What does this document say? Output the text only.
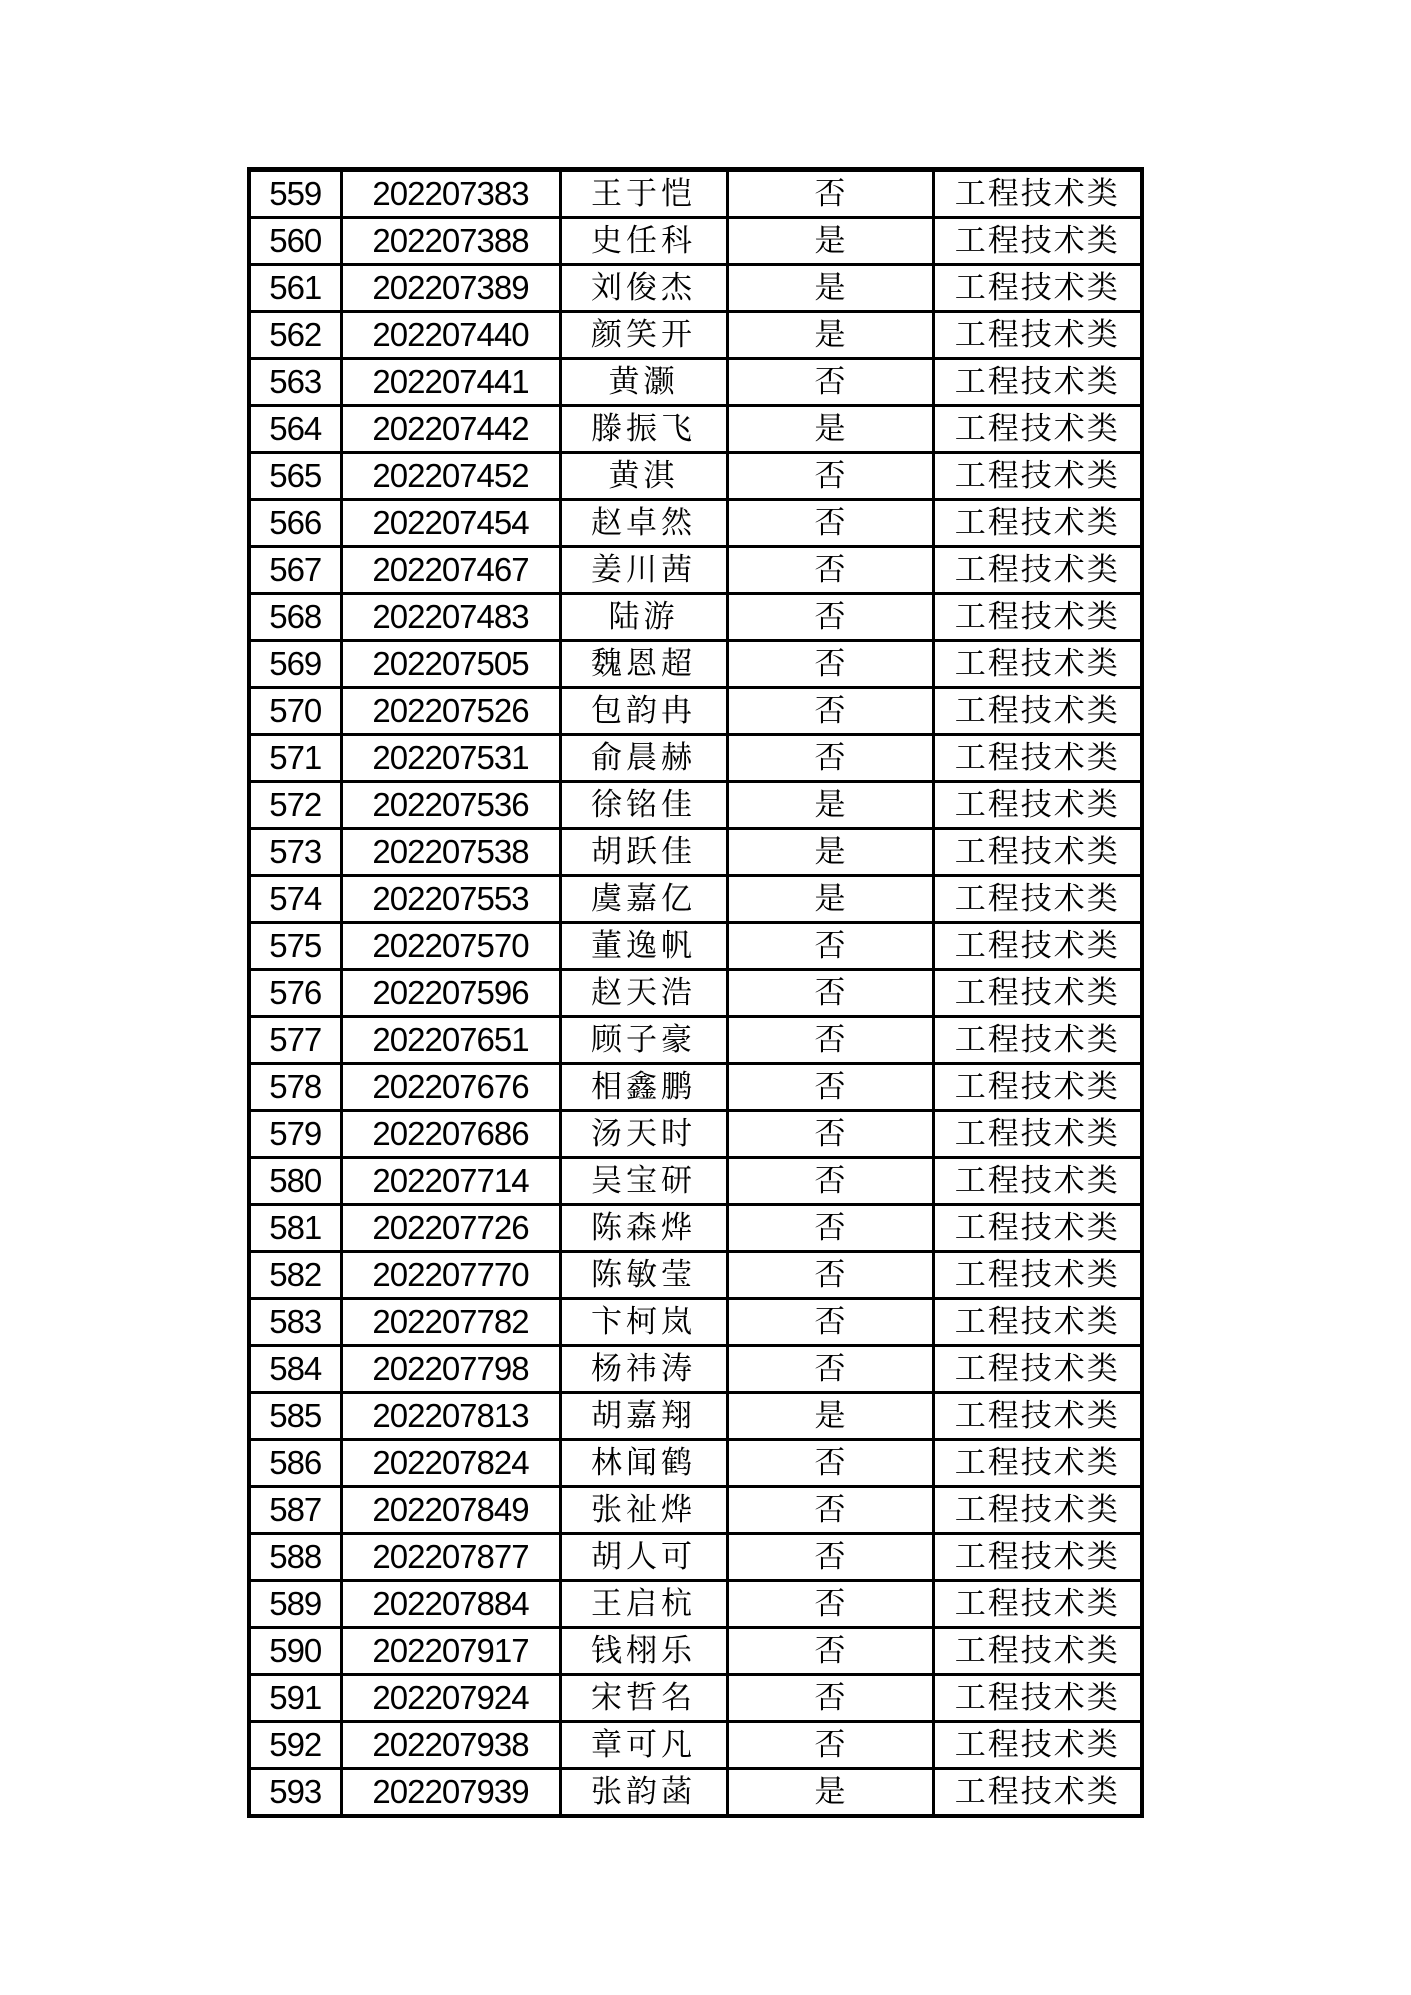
559	202207383	王于恺	否	工程技术类
560	202207388	史任科	是	工程技术类
561	202207389	刘俊杰	是	工程技术类
562	202207440	颜笑开	是	工程技术类
563	202207441	黄灏	否	工程技术类
564	202207442	滕振飞	是	工程技术类
565	202207452	黄淇	否	工程技术类
566	202207454	赵卓然	否	工程技术类
567	202207467	姜川茜	否	工程技术类
568	202207483	陆游	否	工程技术类
569	202207505	魏恩超	否	工程技术类
570	202207526	包韵冉	否	工程技术类
571	202207531	俞晨赫	否	工程技术类
572	202207536	徐铭佳	是	工程技术类
573	202207538	胡跃佳	是	工程技术类
574	202207553	虞嘉亿	是	工程技术类
575	202207570	董逸帆	否	工程技术类
576	202207596	赵天浩	否	工程技术类
577	202207651	顾子豪	否	工程技术类
578	202207676	相鑫鹏	否	工程技术类
579	202207686	汤天时	否	工程技术类
580	202207714	吴宝研	否	工程技术类
581	202207726	陈森烨	否	工程技术类
582	202207770	陈敏莹	否	工程技术类
583	202207782	卞柯岚	否	工程技术类
584	202207798	杨祎涛	否	工程技术类
585	202207813	胡嘉翔	是	工程技术类
586	202207824	林闻鹤	否	工程技术类
587	202207849	张祉烨	否	工程技术类
588	202207877	胡人可	否	工程技术类
589	202207884	王启杭	否	工程技术类
590	202207917	钱栩乐	否	工程技术类
591	202207924	宋哲名	否	工程技术类
592	202207938	章可凡	否	工程技术类
593	202207939	张韵菡	是	工程技术类
